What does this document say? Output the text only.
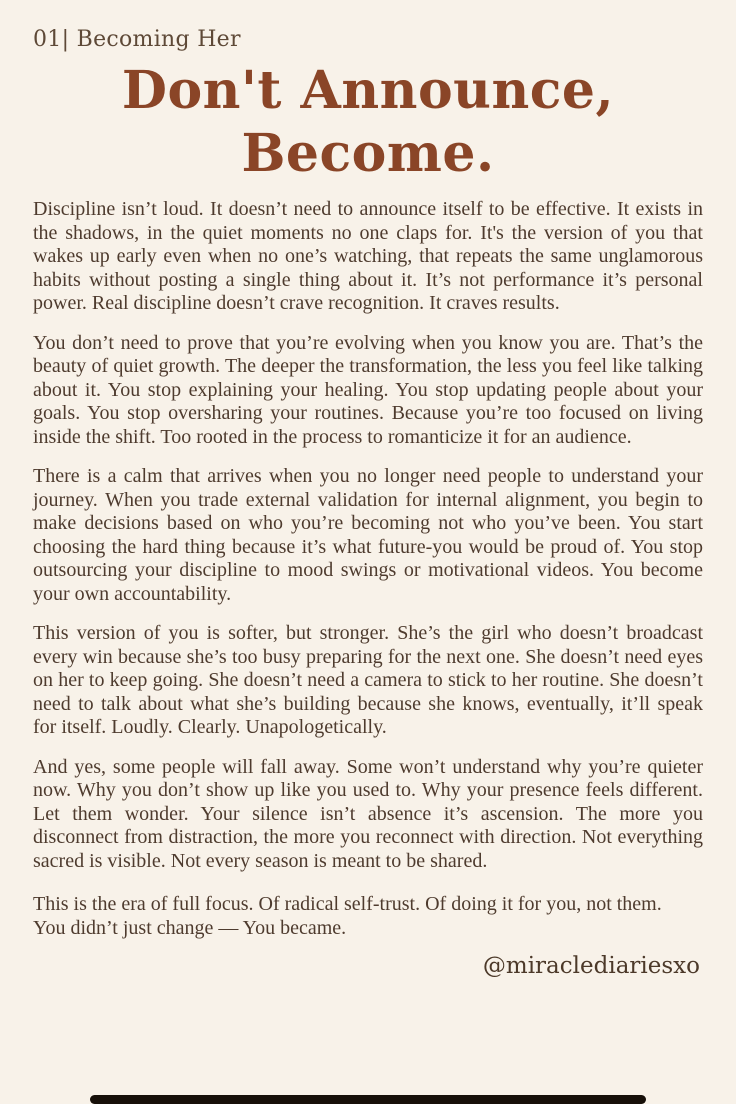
01| Becoming Her
Don't Announce,
Become.

Discipline isn’t loud. It doesn’t need to announce itself to be effective. It exists in the shadows, in the quiet moments no one claps for. It's the version of you that wakes up early even when no one’s watching, that repeats the same unglamorous habits without posting a single thing about it. It’s not performance it’s personal power. Real discipline doesn’t crave recognition. It craves results.

You don’t need to prove that you’re evolving when you know you are. That’s the beauty of quiet growth. The deeper the transformation, the less you feel like talking about it. You stop explaining your healing. You stop updating people about your goals. You stop oversharing your routines. Because you’re too focused on living inside the shift. Too rooted in the process to romanticize it for an audience.

There is a calm that arrives when you no longer need people to understand your journey. When you trade external validation for internal alignment, you begin to make decisions based on who you’re becoming not who you’ve been. You start choosing the hard thing because it’s what future-you would be proud of. You stop outsourcing your discipline to mood swings or motivational videos. You become your own accountability.

This version of you is softer, but stronger. She’s the girl who doesn’t broadcast every win because she’s too busy preparing for the next one. She doesn’t need eyes on her to keep going. She doesn’t need a camera to stick to her routine. She doesn’t need to talk about what she’s building because she knows, eventually, it’ll speak for itself. Loudly. Clearly. Unapologetically.

And yes, some people will fall away. Some won’t understand why you’re quieter now. Why you don’t show up like you used to. Why your presence feels different. Let them wonder. Your silence isn’t absence it’s ascension. The more you disconnect from distraction, the more you reconnect with direction. Not everything sacred is visible. Not every season is meant to be shared.

This is the era of full focus. Of radical self-trust. Of doing it for you, not them.

You didn’t just change — You became.

@miraclediariesxo
